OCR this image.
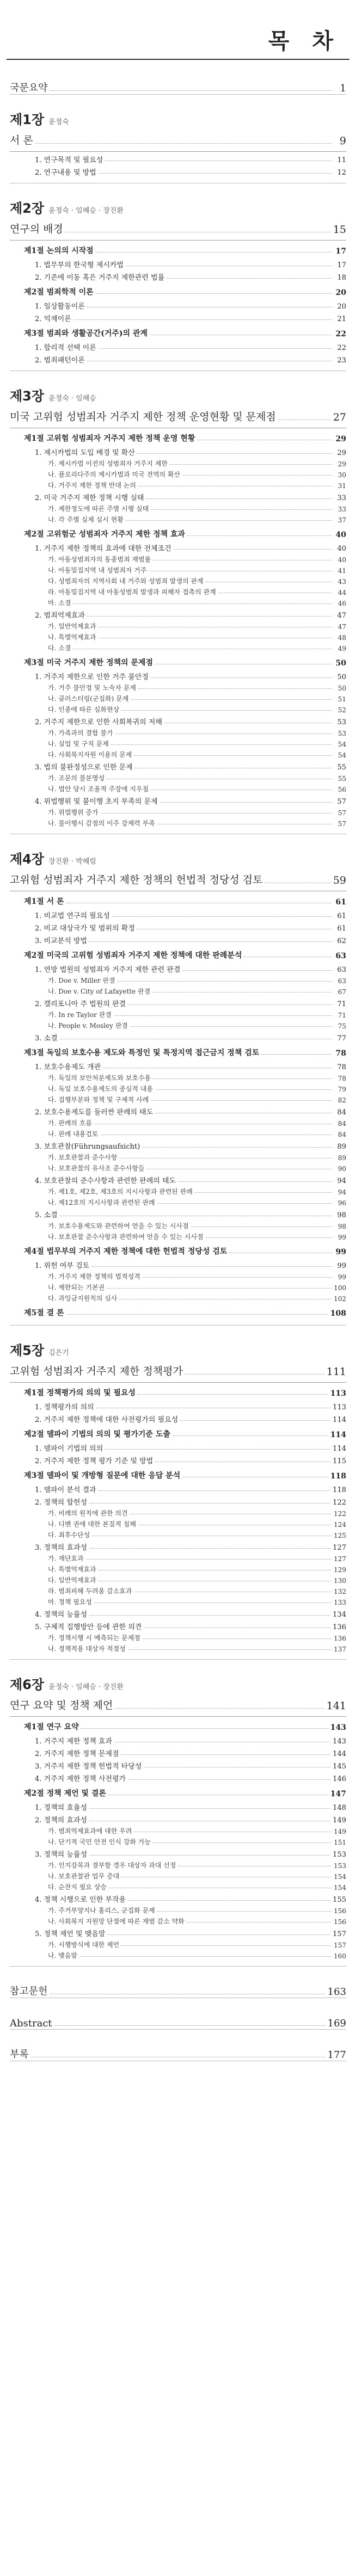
목 차
국문요약	1
제1장 윤정숙
서 론	9
1. 연구목적 및 필요성	11
2. 연구내용 및 방법	12
제2장 윤정숙 · 임혜승 · 장진환
연구의 배경	15
제1절 논의의 시작점	17
1. 법무부의 한국형 제시카법	17
2. 기존에 이동 혹은 거주지 제한관련 법률	18
제2절 범죄학적 이론	20
1. 일상활동이론	20
2. 억제이론	21
제3절 범죄와 생활공간(거주)의 관계	22
1. 합리적 선택 이론	22
2. 범죄패턴이론	23
제3장 윤정숙 · 임혜승
미국 고위험 성범죄자 거주지 제한 정책 운영현황 및 문제점	27
제1절 고위험 성범죄자 거주지 제한 정책 운영 현황	29
1. 제시카법의 도입 배경 및 확산	29
가. 제시카법 이전의 성범죄자 거주지 제한	29
나. 플로리다주의 제시카법과 미국 전역의 확산	30
다. 거주지 제한 정책 반대 논의	31
2. 미국 거주지 제한 정책 시행 실태	33
가. 제한정도에 따른 주별 시행 실태	33
나. 각 주별 실제 실시 현황	37
제2절 고위험군 성범죄자 거주지 제한 정책 효과	40
1. 거주지 제한 정책의 효과에 대한 전체조건	40
가. 아동성범죄자의 동종범죄 재범률	40
나. 아동밀집지역 내 성범죄자 거주	41
다. 성범죄자의 지역사회 내 거주와 성범죄 발생의 관계	43
라. 아동밀집지역 내 아동성범죄 발생과 피해자 접촉의 관계	44
마. 소결	46
2. 범죄억제효과	47
가. 일반억제효과	47
나. 특별억제효과	48
다. 소결	49
제3절 미국 거주지 제한 정책의 문제점	50
1. 거주지 제한으로 인한 거주 불안정	50
가. 거주 불안정 및 노숙자 문제	50
나. 클러스터링(군집화) 문제	51
다. 인종에 따른 심화현상	52
2. 거주지 제한으로 인한 사회복귀의 저해	53
가. 가족과의 결합 불가	53
나. 실업 및 구직 문제	54
다. 사회복지자원 이용의 문제	54
3. 법의 불완정성으로 인한 문제	55
가. 조문의 불분명성	55
나. 법안 당시 조율적 주장에 지우침	56
4. 위법행위 및 불이행 초지 부족의 문제	57
가. 위법행위 증가	57
나. 불이행시 감점의 이주 강제력 부족	57
제4장 장진환 · 박혜림
고위험 성범죄자 거주지 제한 정책의 헌법적 정당성 검토	59
제1절 서 론	61
1. 비교법 연구의 필요성	61
2. 비교 대상국가 및 범위의 확정	61
3. 비교분석 방법	62
제2절 미국의 고위험 성범죄자 거주지 제한 정책에 대한 판례분석	63
1. 연방 법원의 성범죄자 거주지 제한 관련 판결	63
가. Doe v. Miller 판결	63
나. Doe v. City of Lafayette 판결	67
2. 캘리포니아 주 법원의 판결	71
가. In re Taylor 판결	71
나. People v. Mosley 판결	75
3. 소결	77
제3절 독일의 보호수용 제도와 특정인 및 특정지역 접근금지 정책 검토	78
1. 보호수용제도 개관	78
가. 독일의 보안처분제도와 보호수용	78
나. 독일 보호수용제도의 중심적 내용	79
다. 집행부분와 정책 및 구제적 사례	82
2. 보호수용제도를 둘러싼 판례의 태도	84
가. 판례의 흐름	84
나. 판례 내용검토	84
3. 보호관찰(Führungsaufsicht)	89
가. 보호관찰과 준수사항	89
나. 보호관찰의 유사조 준수사항들	90
4. 보호관찰의 준수사항과 관련한 판례의 태도	94
가. 제1호, 제2호, 제3호의 지시사항과 관련된 판례	94
나. 제12호의 지시사항과 관련된 판례	96
5. 소결	98
가. 보호수용제도와 관련하여 얻을 수 있는 시사점	98
나. 보호관찰 준수사항과 관련하여 얻을 수 있는 시사점	99
제4절 법무부의 거주지 제한 정책에 대한 헌법적 정당성 검토	99
1. 위헌 여부 검토	99
가. 거주지 제한 정책의 법적성격	99
나. 제한되는 기본권	100
다. 과잉금지원칙의 심사	102
제5절 결 론	108
제5장 김은기
고위험 성범죄자 거주지 제한 정책평가	111
제1절 정책평가의 의의 및 필요성	113
1. 정책평가의 의의	113
2. 거주지 제한 정책에 대한 사전평가의 필요성	114
제2절 델파이 기법의 의의 및 평가기준 도출	114
1. 델파이 기법의 의의	114
2. 거주지 제한 정책 평가 기준 및 방법	115
제3절 델파이 및 개방형 질문에 대한 응답 분석	118
1. 델파이 분석 결과	118
2. 정책의 합헌성	122
가. 비례의 원칙에 관한 의견	122
나. 디벤 권에 대한 본질적 침해	124
다. 최후수단성	125
3. 정책의 효과성	127
가. 재단효과	127
나. 특별억제효과	129
다. 일반억제효과	130
라. 범죄피해 두려움 감소효과	132
마. 정책 필요성	133
4. 정책의 능률성	134
5. 구체적 집행방안 등에 관한 의견	136
가. 정책시행 시 예측되는 문제점	136
나. 정책적용 대상자 적절성	137
제6장 윤정숙 · 임혜승 · 장진환
연구 요약 및 정책 제언	141
제1절 연구 요약	143
1. 거주지 제한 정책 효과	143
2. 거주지 제한 정책 문제점	144
3. 거주지 제한 정책 헌법적 타당성	145
4. 거주지 제한 정책 사전평가	146
제2절 정책 제언 및 결론	147
1. 정책의 효율성	148
2. 정책의 효과성	149
가. 범죄억제효과에 대한 우려	149
나. 단기적 국민 안전 인식 강화 가능	151
3. 정책의 능률성	153
가. 인지강목과 결부할 경우 대상자 과대 선정	153
나. 보호관찰관 업무 증대	154
다. 순찬지 필요 상승	154
4. 정책 시행으로 인한 부작용	155
가. 주거부양지나 홈리스, 군집화 문제	156
나. 사회복지 지원망 단절에 따른 재범 감소 약화	156
5. 정책 제언 및 맺음말	157
가. 시행방식에 대한 제언	157
나. 맺음말	160
참고문헌	163
Abstract	169
부록	177
